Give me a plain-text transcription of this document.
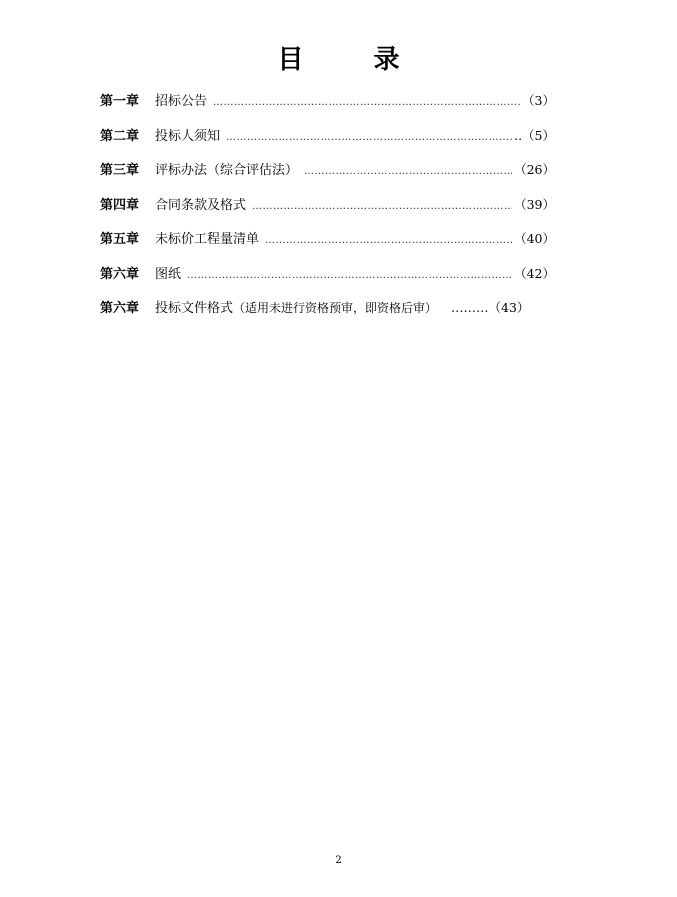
目　录
第一章	招标公告 …………………………………………………………………………………………………………………………………………………………………………	（3）
第二章	投标人须知 …………………………………………………………………………………………………………………………………………………………………………	..（5）
第三章	评标办法（综合评估法） …………………………………………………………………………………………………………………………………………………………………………	（26）
第四章	合同条款及格式 …………………………………………………………………………………………………………………………………………………………………………	（39）
第五章	未标价工程量清单 …………………………………………………………………………………………………………………………………………………………………………	（40）
第六章	图纸 …………………………………………………………………………………………………………………………………………………………………………	（42）
第六章	投标文件格式（适用未进行资格预审，即资格后审） ………（43）
2
